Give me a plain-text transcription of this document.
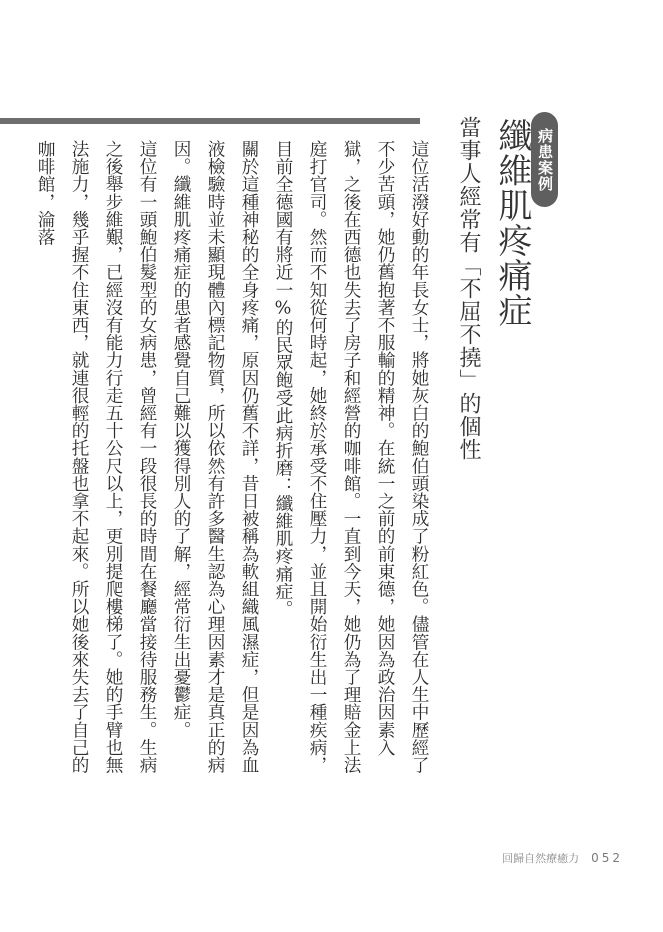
病患案例
纖維肌疼痛症
當事人經常有「不屈不撓」的個性

這位活潑好動的年長女士，將她灰白的鮑伯頭染成了粉紅色。儘管在人生中歷經了不少苦頭，她仍舊抱著不服輸的精神。在統一之前的前東德，她因為政治因素入獄，之後在西德也失去了房子和經營的咖啡館。一直到今天，她仍為了理賠金上法庭打官司。然而不知從何時起，她終於承受不住壓力，並且開始衍生出一種疾病，目前全德國有將近一%的民眾飽受此病折磨：纖維肌疼痛症。

關於這種神秘的全身疼痛，原因仍舊不詳，昔日被稱為軟組織風濕症，但是因為血液檢驗時並未顯現體內標記物質，所以依然有許多醫生認為心理因素才是真正的病因。纖維肌疼痛症的患者感覺自己難以獲得別人的了解，經常衍生出憂鬱症。

這位有一頭鮑伯髮型的女病患，曾經有一段很長的時間在餐廳當接待服務生。生病之後舉步維艱，已經沒有能力行走五十公尺以上，更別提爬樓梯了。她的手臂也無法施力，幾乎握不住東西，就連很輕的托盤也拿不起來。所以她後來失去了自己的咖啡館，淪落

回歸自然療癒力 052
